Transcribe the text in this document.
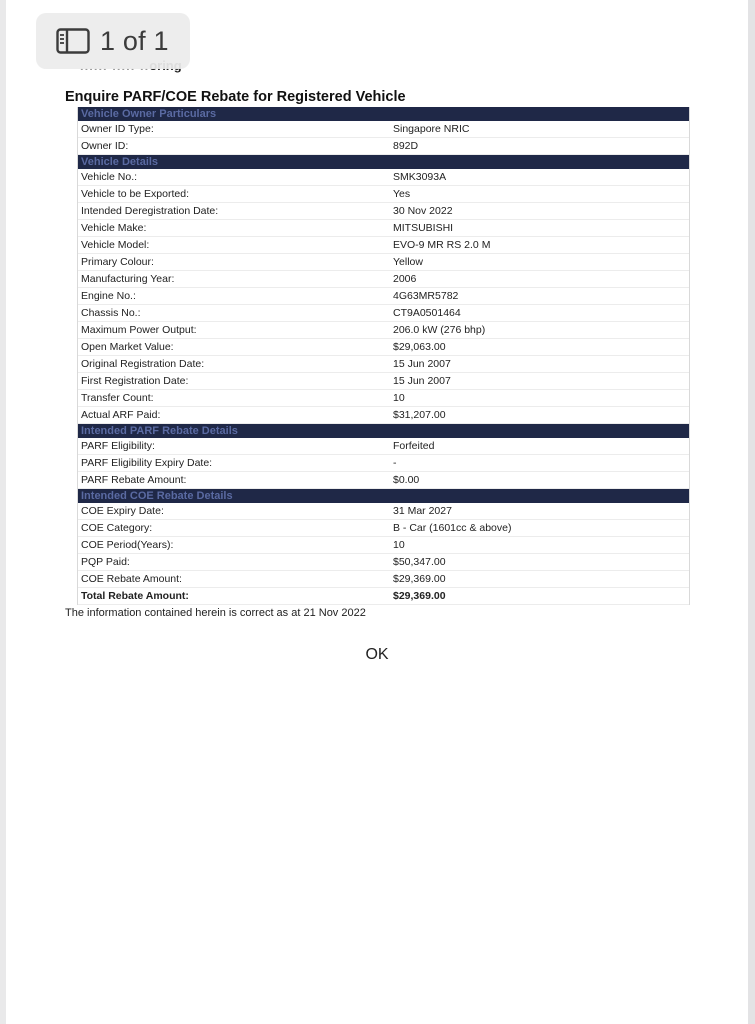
Enquire PARF/COE Rebate for Registered Vehicle
Vehicle Owner Particulars
Owner ID Type:	Singapore NRIC
Owner ID:	892D
Vehicle Details
Vehicle No.:	SMK3093A
Vehicle to be Exported:	Yes
Intended Deregistration Date:	30 Nov 2022
Vehicle Make:	MITSUBISHI
Vehicle Model:	EVO-9 MR RS 2.0 M
Primary Colour:	Yellow
Manufacturing Year:	2006
Engine No.:	4G63MR5782
Chassis No.:	CT9A0501464
Maximum Power Output:	206.0 kW (276 bhp)
Open Market Value:	$29,063.00
Original Registration Date:	15 Jun 2007
First Registration Date:	15 Jun 2007
Transfer Count:	10
Actual ARF Paid:	$31,207.00
Intended PARF Rebate Details
PARF Eligibility:	Forfeited
PARF Eligibility Expiry Date:	-
PARF Rebate Amount:	$0.00
Intended COE Rebate Details
COE Expiry Date:	31 Mar 2027
COE Category:	B - Car (1601cc & above)
COE Period(Years):	10
PQP Paid:	$50,347.00
COE Rebate Amount:	$29,369.00
Total Rebate Amount:	$29,369.00
The information contained herein is correct as at 21 Nov 2022
OK
1 of 1
